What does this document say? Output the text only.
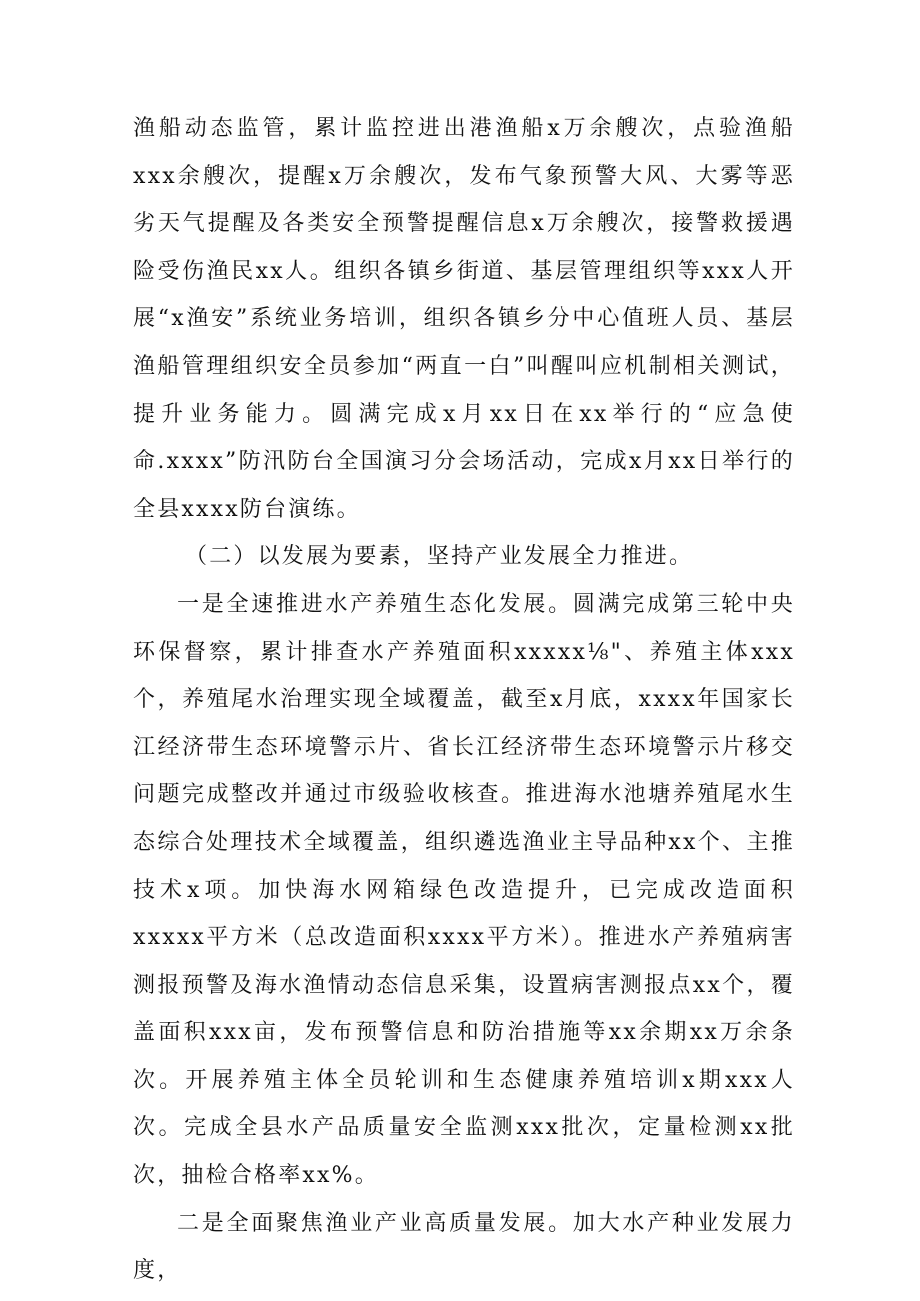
渔船动态监管，累计监控进出港渔船x万余艘次，点验渔船xxx余艘次，提醒x万余艘次，发布气象预警大风、大雾等恶劣天气提醒及各类安全预警提醒信息x万余艘次，接警救援遇险受伤渔民xx人。组织各镇乡街道、基层管理组织等xxx人开展“x渔安”系统业务培训，组织各镇乡分中心值班人员、基层渔船管理组织安全员参加“两直一白”叫醒叫应机制相关测试，提升业务能力。圆满完成x月xx日在xx举行的“应急使命.xxxx”防汛防台全国演习分会场活动，完成x月xx日举行的全县xxxx防台演练。

（二）以发展为要素，坚持产业发展全力推进。

一是全速推进水产养殖生态化发展。圆满完成第三轮中央环保督察，累计排查水产养殖面积xxxxx⅛"、养殖主体xxx个，养殖尾水治理实现全域覆盖，截至x月底，xxxx年国家长江经济带生态环境警示片、省长江经济带生态环境警示片移交问题完成整改并通过市级验收核查。推进海水池塘养殖尾水生态综合处理技术全域覆盖，组织遴选渔业主导品种xx个、主推技术x项。加快海水网箱绿色改造提升，已完成改造面积xxxxx平方米（总改造面积xxxx平方米）。推进水产养殖病害测报预警及海水渔情动态信息采集，设置病害测报点xx个，覆盖面积xxx亩，发布预警信息和防治措施等xx余期xx万余条次。开展养殖主体全员轮训和生态健康养殖培训x期xxx人次。完成全县水产品质量安全监测xxx批次，定量检测xx批次，抽检合格率xx%。

二是全面聚焦渔业产业高质量发展。加大水产种业发展力度，
